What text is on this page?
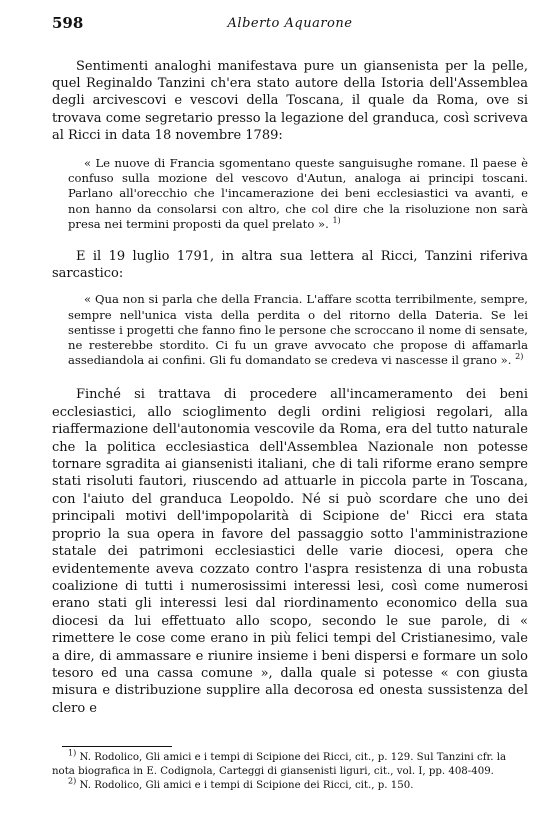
598	Alberto Aquarone

Sentimenti analoghi manifestava pure un giansenista per la pelle, quel Reginaldo Tanzini ch'era stato autore della Istoria dell'Assemblea degli arcivescovi e vescovi della Toscana, il quale da Roma, ove si trovava come segretario presso la legazione del granduca, così scriveva al Ricci in data 18 novembre 1789:

« Le nuove di Francia sgomentano queste sanguisughe romane. Il paese è confuso sulla mozione del vescovo d'Autun, analoga ai principi toscani. Parlano all'orecchio che l'incamerazione dei beni ecclesiastici va avanti, e non hanno da consolarsi con altro, che col dire che la risoluzione non sarà presa nei termini proposti da quel prelato ». $^{1)}$

E il 19 luglio 1791, in altra sua lettera al Ricci, Tanzini riferiva sarcastico:

« Qua non si parla che della Francia. L'affare scotta terribilmente, sempre, sempre nell'unica vista della perdita o del ritorno della Dateria. Se lei sentisse i progetti che fanno fino le persone che scroccano il nome di sensate, ne resterebbe stordito. Ci fu un grave avvocato che propose di affamarla assediandola ai confini. Gli fu domandato se credeva vi nascesse il grano ». $^{2)}$

Finché si trattava di procedere all'incameramento dei beni ecclesiastici, allo scioglimento degli ordini religiosi regolari, alla riaffermazione dell'autonomia vescovile da Roma, era del tutto naturale che la politica ecclesiastica dell'Assemblea Nazionale non potesse tornare sgradita ai giansenisti italiani, che di tali riforme erano sempre stati risoluti fautori, riuscendo ad attuarle in piccola parte in Toscana, con l'aiuto del granduca Leopoldo. Né si può scordare che uno dei principali motivi dell'impopolarità di Scipione de' Ricci era stata proprio la sua opera in favore del passaggio sotto l'amministrazione statale dei patrimoni ecclesiastici delle varie diocesi, opera che evidentemente aveva cozzato contro l'aspra resistenza di una robusta coalizione di tutti i numerosissimi interessi lesi, così come numerosi erano stati gli interessi lesi dal riordinamento economico della sua diocesi da lui effettuato allo scopo, secondo le sue parole, di « rimettere le cose come erano in più felici tempi del Cristianesimo, vale a dire, di ammassare e riunire insieme i beni dispersi e formare un solo tesoro ed una cassa comune », dalla quale si potesse « con giusta misura e distribuzione supplire alla decorosa ed onesta sussistenza del clero e

$^{1)}$ N. Rodolico, Gli amici e i tempi di Scipione dei Ricci, cit., p. 129. Sul Tanzini cfr. la nota biografica in E. Codignola, Carteggi di giansenisti liguri, cit., vol. I, pp. 408-409.

$^{2)}$ N. Rodolico, Gli amici e i tempi di Scipione dei Ricci, cit., p. 150.
